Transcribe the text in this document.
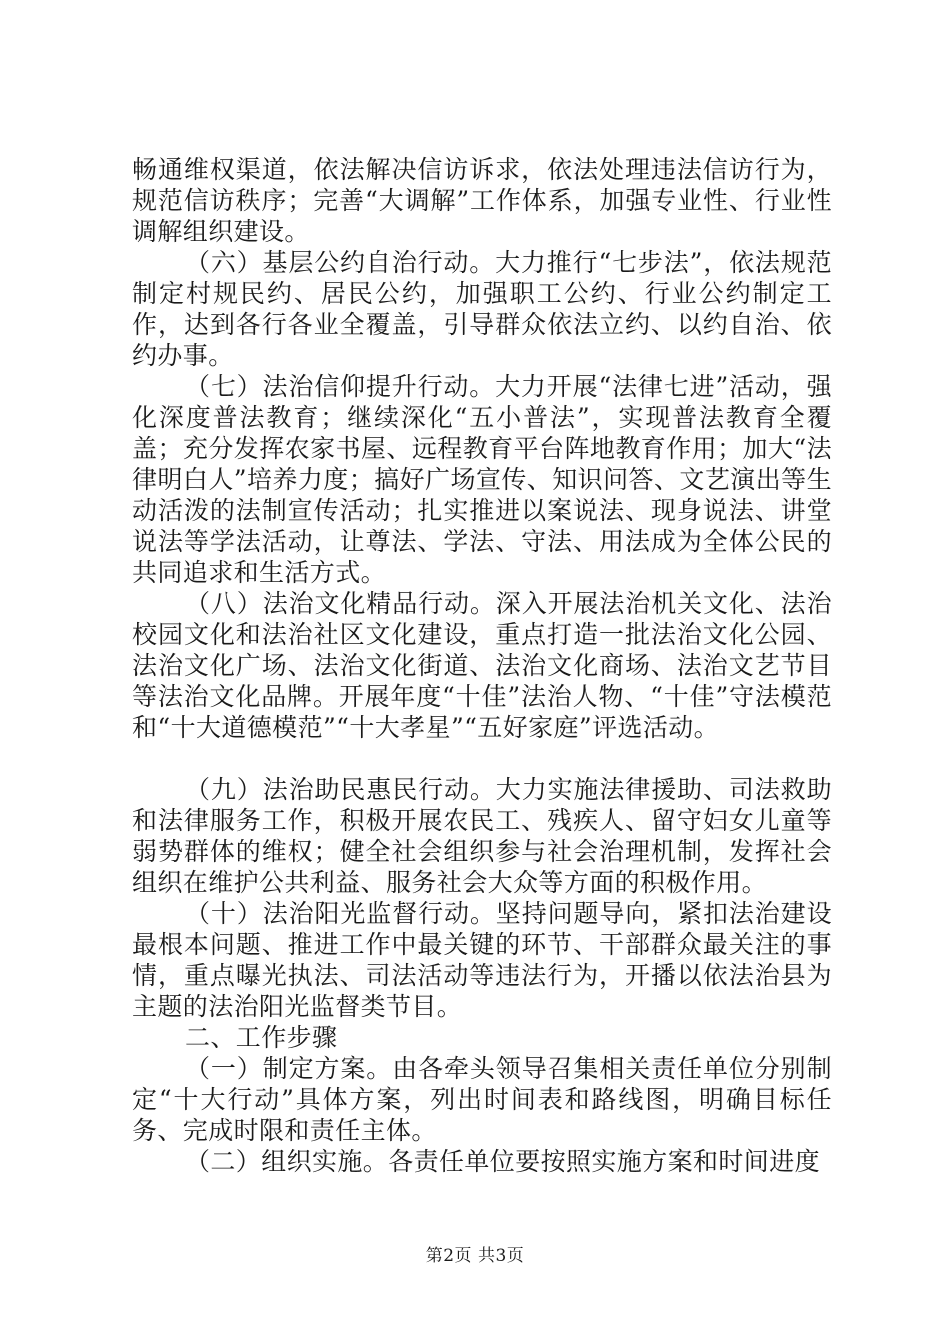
畅通维权渠道，依法解决信访诉求，依法处理违法信访行为，规范信访秩序；完善“大调解”工作体系，加强专业性、行业性调解组织建设。

（六）基层公约自治行动。大力推行“七步法”，依法规范制定村规民约、居民公约，加强职工公约、行业公约制定工作，达到各行各业全覆盖，引导群众依法立约、以约自治、依约办事。

（七）法治信仰提升行动。大力开展“法律七进”活动，强化深度普法教育；继续深化“五小普法”，实现普法教育全覆盖；充分发挥农家书屋、远程教育平台阵地教育作用；加大“法律明白人”培养力度；搞好广场宣传、知识问答、文艺演出等生动活泼的法制宣传活动；扎实推进以案说法、现身说法、讲堂说法等学法活动，让尊法、学法、守法、用法成为全体公民的共同追求和生活方式。

（八）法治文化精品行动。深入开展法治机关文化、法治校园文化和法治社区文化建设，重点打造一批法治文化公园、法治文化广场、法治文化街道、法治文化商场、法治文艺节目等法治文化品牌。开展年度“十佳”法治人物、“十佳”守法模范和“十大道德模范”“十大孝星”“五好家庭”评选活动。

（九）法治助民惠民行动。大力实施法律援助、司法救助和法律服务工作，积极开展农民工、残疾人、留守妇女儿童等弱势群体的维权；健全社会组织参与社会治理机制，发挥社会组织在维护公共利益、服务社会大众等方面的积极作用。

（十）法治阳光监督行动。坚持问题导向，紧扣法治建设最根本问题、推进工作中最关键的环节、干部群众最关注的事情，重点曝光执法、司法活动等违法行为，开播以依法治县为主题的法治阳光监督类节目。

二、工作步骤

（一）制定方案。由各牵头领导召集相关责任单位分别制定“十大行动”具体方案，列出时间表和路线图，明确目标任务、完成时限和责任主体。

（二）组织实施。各责任单位要按照实施方案和时间进度

第2页 共3页
